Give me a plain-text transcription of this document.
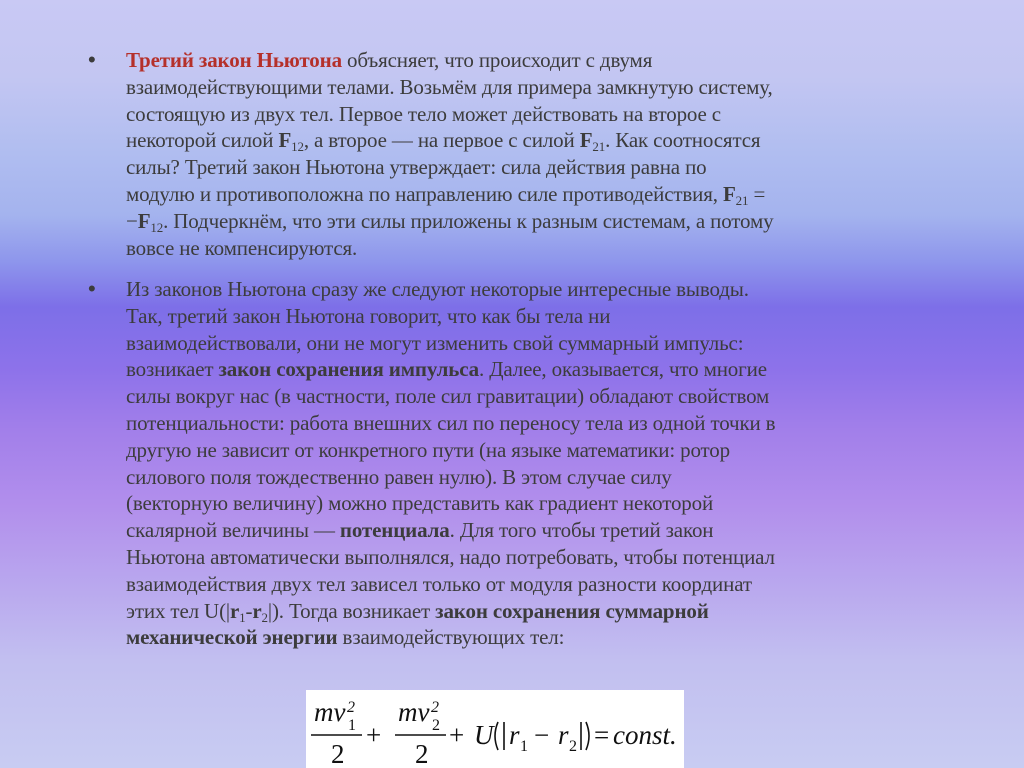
• Третий закон Ньютона объясняет, что происходит с двумя
взаимодействующими телами. Возьмём для примера замкнутую систему,
состоящую из двух тел. Первое тело может действовать на второе с
некоторой силой $F_{12}$, а второе — на первое с силой $F_{21}$. Как соотносятся
силы? Третий закон Ньютона утверждает: сила действия равна по
модулю и противоположна по направлению силе противодействия, $F_{21}$ =
$-F_{12}$. Подчеркнём, что эти силы приложены к разным системам, а потому
вовсе не компенсируются.
• Из законов Ньютона сразу же следуют некоторые интересные выводы.
Так, третий закон Ньютона говорит, что как бы тела ни
взаимодействовали, они не могут изменить свой суммарный импульс:
возникает закон сохранения импульса. Далее, оказывается, что многие
силы вокруг нас (в частности, поле сил гравитации) обладают свойством
потенциальности: работа внешних сил по переносу тела из одной точки в
другую не зависит от конкретного пути (на языке математики: ротор
силового поля тождественно равен нулю). В этом случае силу
(векторную величину) можно представить как градиент некоторой
скалярной величины — потенциала. Для того чтобы третий закон
Ньютона автоматически выполнялся, надо потребовать, чтобы потенциал
взаимодействия двух тел зависел только от модуля разности координат
этих тел $U(|r_1-r_2|)$. Тогда возникает закон сохранения суммарной
механической энергии взаимодействующих тел:
mv 2
1
2
+
mv 2
2
2
+ U r 1 − r 2 = const.
